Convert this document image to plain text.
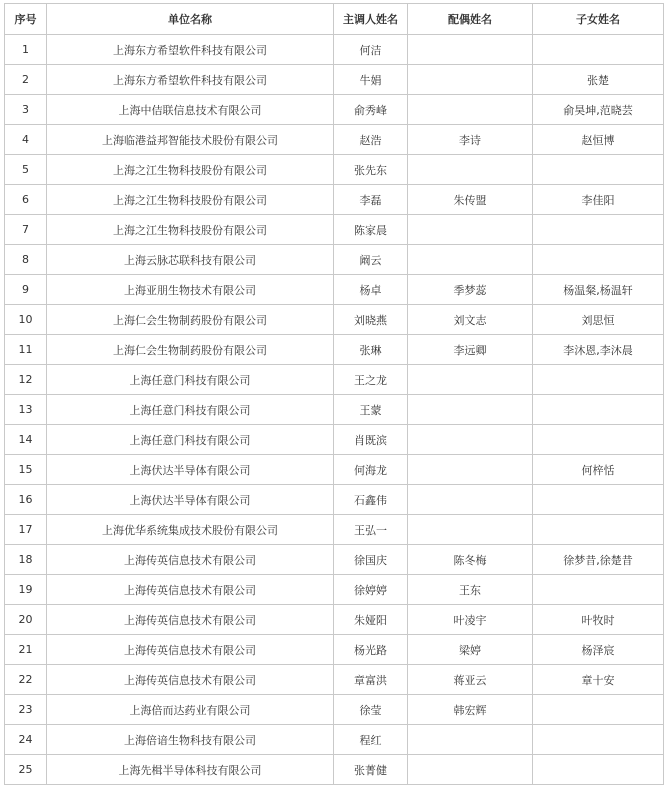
序号	单位名称	主调人姓名	配偶姓名	子女姓名
1	上海东方希望软件科技有限公司	何洁		
2	上海东方希望软件科技有限公司	牛娟		张楚
3	上海中佶联信息技术有限公司	俞秀峰		俞昊坤,范晓芸
4	上海临港益邦智能技术股份有限公司	赵浩	李诗	赵恒博
5	上海之江生物科技股份有限公司	张先东		
6	上海之江生物科技股份有限公司	李磊	朱传盟	李佳阳
7	上海之江生物科技股份有限公司	陈家晨		
8	上海云脉芯联科技有限公司	阚云		
9	上海亚朋生物技术有限公司	杨卓	季梦蕊	杨温粲,杨温轩
10	上海仁会生物制药股份有限公司	刘晓燕	刘文志	刘思恒
11	上海仁会生物制药股份有限公司	张琳	李远卿	李沐恩,李沐晨
12	上海任意门科技有限公司	王之龙		
13	上海任意门科技有限公司	王蒙		
14	上海任意门科技有限公司	肖既滨		
15	上海伏达半导体有限公司	何海龙		何梓恬
16	上海伏达半导体有限公司	石鑫伟		
17	上海优华系统集成技术股份有限公司	王弘一		
18	上海传英信息技术有限公司	徐国庆	陈冬梅	徐梦昔,徐楚昔
19	上海传英信息技术有限公司	徐婷婷	王东	
20	上海传英信息技术有限公司	朱娅阳	叶凌宇	叶牧时
21	上海传英信息技术有限公司	杨光路	梁婷	杨泽宸
22	上海传英信息技术有限公司	章富洪	蒋亚云	章十安
23	上海倍而达药业有限公司	徐莹	韩宏辉	
24	上海倍谙生物科技有限公司	程红		
25	上海先楫半导体科技有限公司	张菁健		
